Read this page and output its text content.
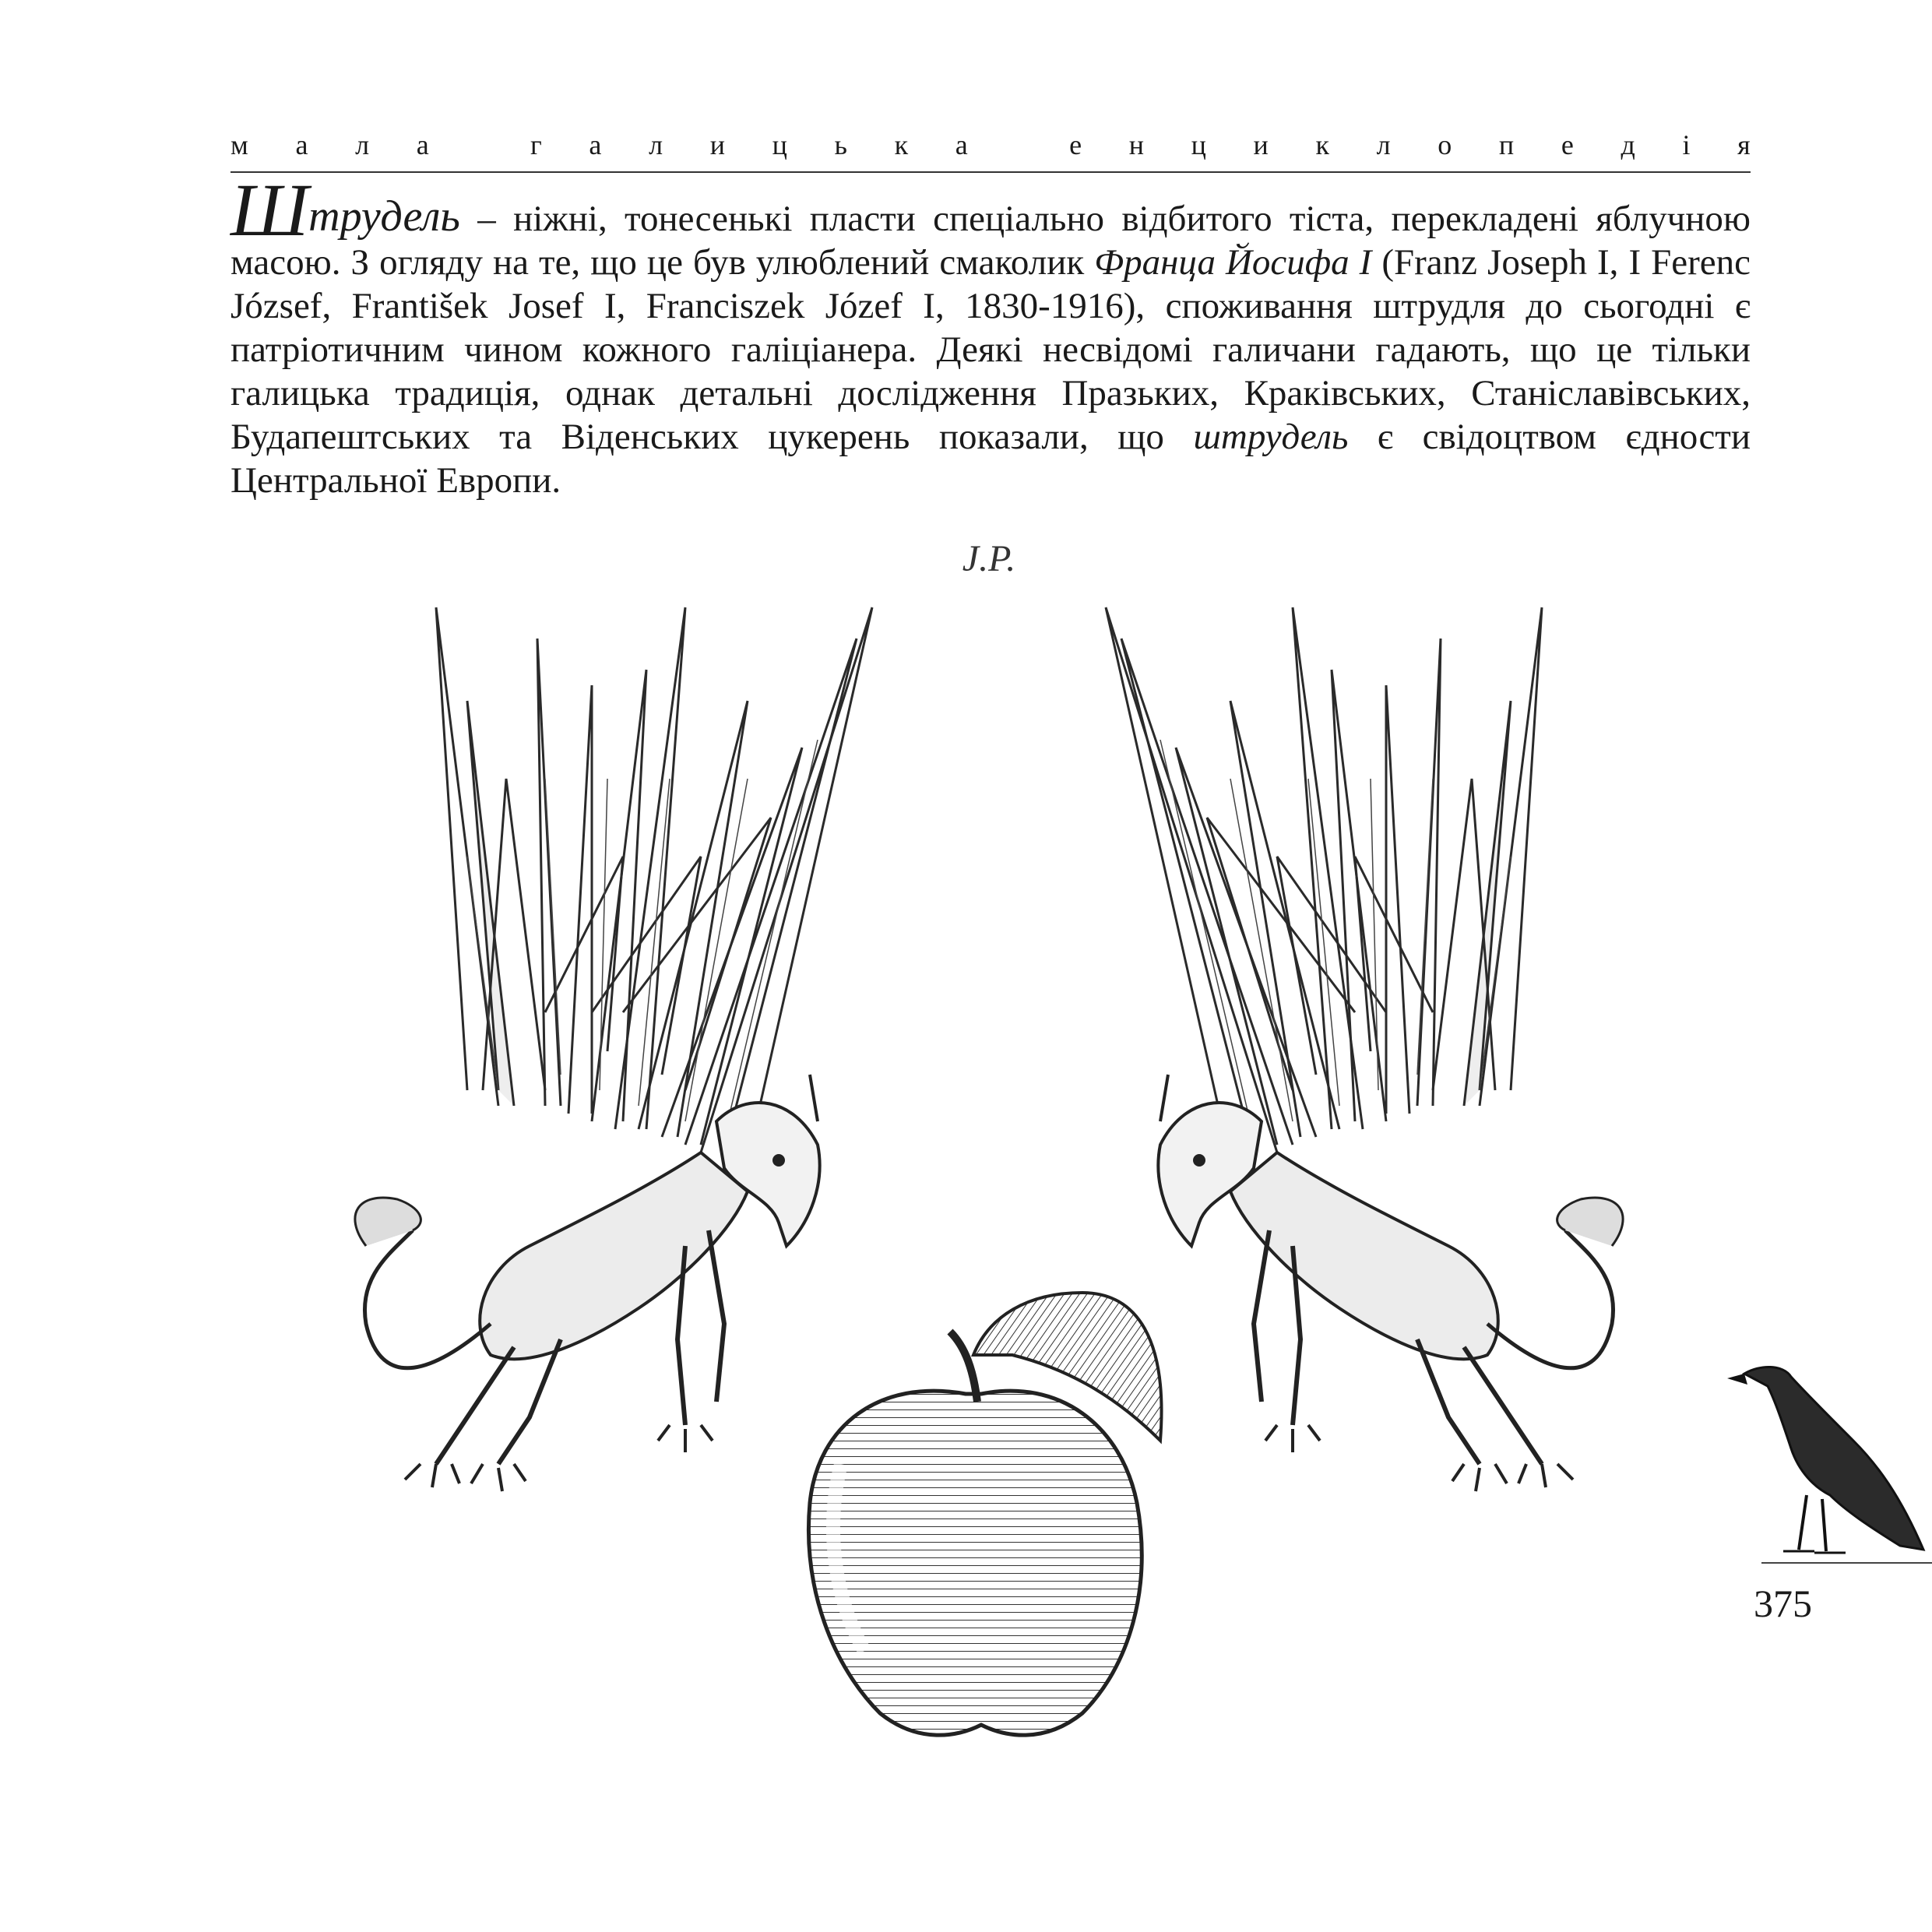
м а л а
	г а л и ц ь к а
	е н ц и к л о п е д і я

Штрудель – ніжні, тонесенькі пласти спеціально відбитого тіста, перекладені яблучною масою. З огляду на те, що це був улюблений смаколик Франца Йосифа І (Franz Joseph I, I Ferenc József, František Josef I, Franciszek Józef I, 1830-1916), споживання штрудля до сьогодні є патріотичним чином кожного галіціанера. Деякі несвідомі галичани гадають, що це тільки галицька традиція, однак детальні дослідження Празьких, Краківських, Станіславівських, Будапештських та Віденських цукерень показали, що штрудель є свідоцтвом єдности Центральної Европи.

J.P.
375
